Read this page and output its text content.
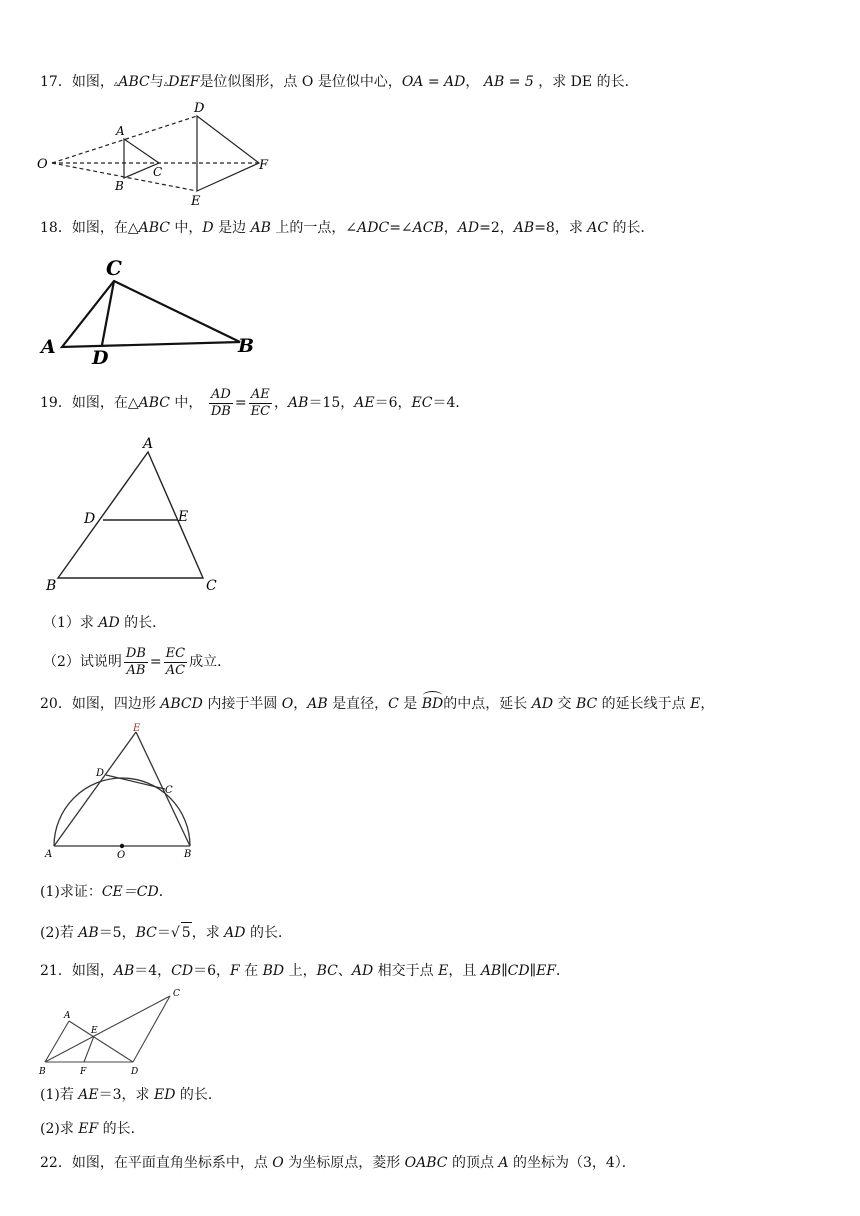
17．如图，▵ABC与▵DEF是位似图形，点 O 是位似中心，OA = AD， AB = 5 ，求 DE 的长．
O
A
B
C
D
E
F
18．如图，在△ABC 中，D 是边 AB 上的一点，∠ADC=∠ACB，AD=2，AB=8，求 AC 的长．
C
A D
B
19．如图，在△ABC 中， $\frac{AD}{DB} = \frac{AE}{EC}$ ，AB＝15，AE＝6，EC＝4．
A
D	E
B	C
（1）求 AD 的长．
（2）试说明 $\frac{DB}{AB} = \frac{EC}{AC}$ 成立．
20．如图，四边形 ABCD 内接于半圆 O，AB 是直径，C 是 BD的中点，延长 AD 交 BC 的延长线于点 E，
E
D
C
A	O	B
(1)求证：CE＝CD．
(2)若 AB＝5，BC＝√ 5，求 AD 的长．
21．如图，AB＝4，CD＝6，F 在 BD 上，BC、AD 相交于点 E，且 AB∥CD∥EF．
A
E
C
B	F	D
(1)若 AE＝3，求 ED 的长．
(2)求 EF 的长．
22．如图，在平面直角坐标系中，点 O 为坐标原点，菱形 OABC 的顶点 A 的坐标为（3，4）．
